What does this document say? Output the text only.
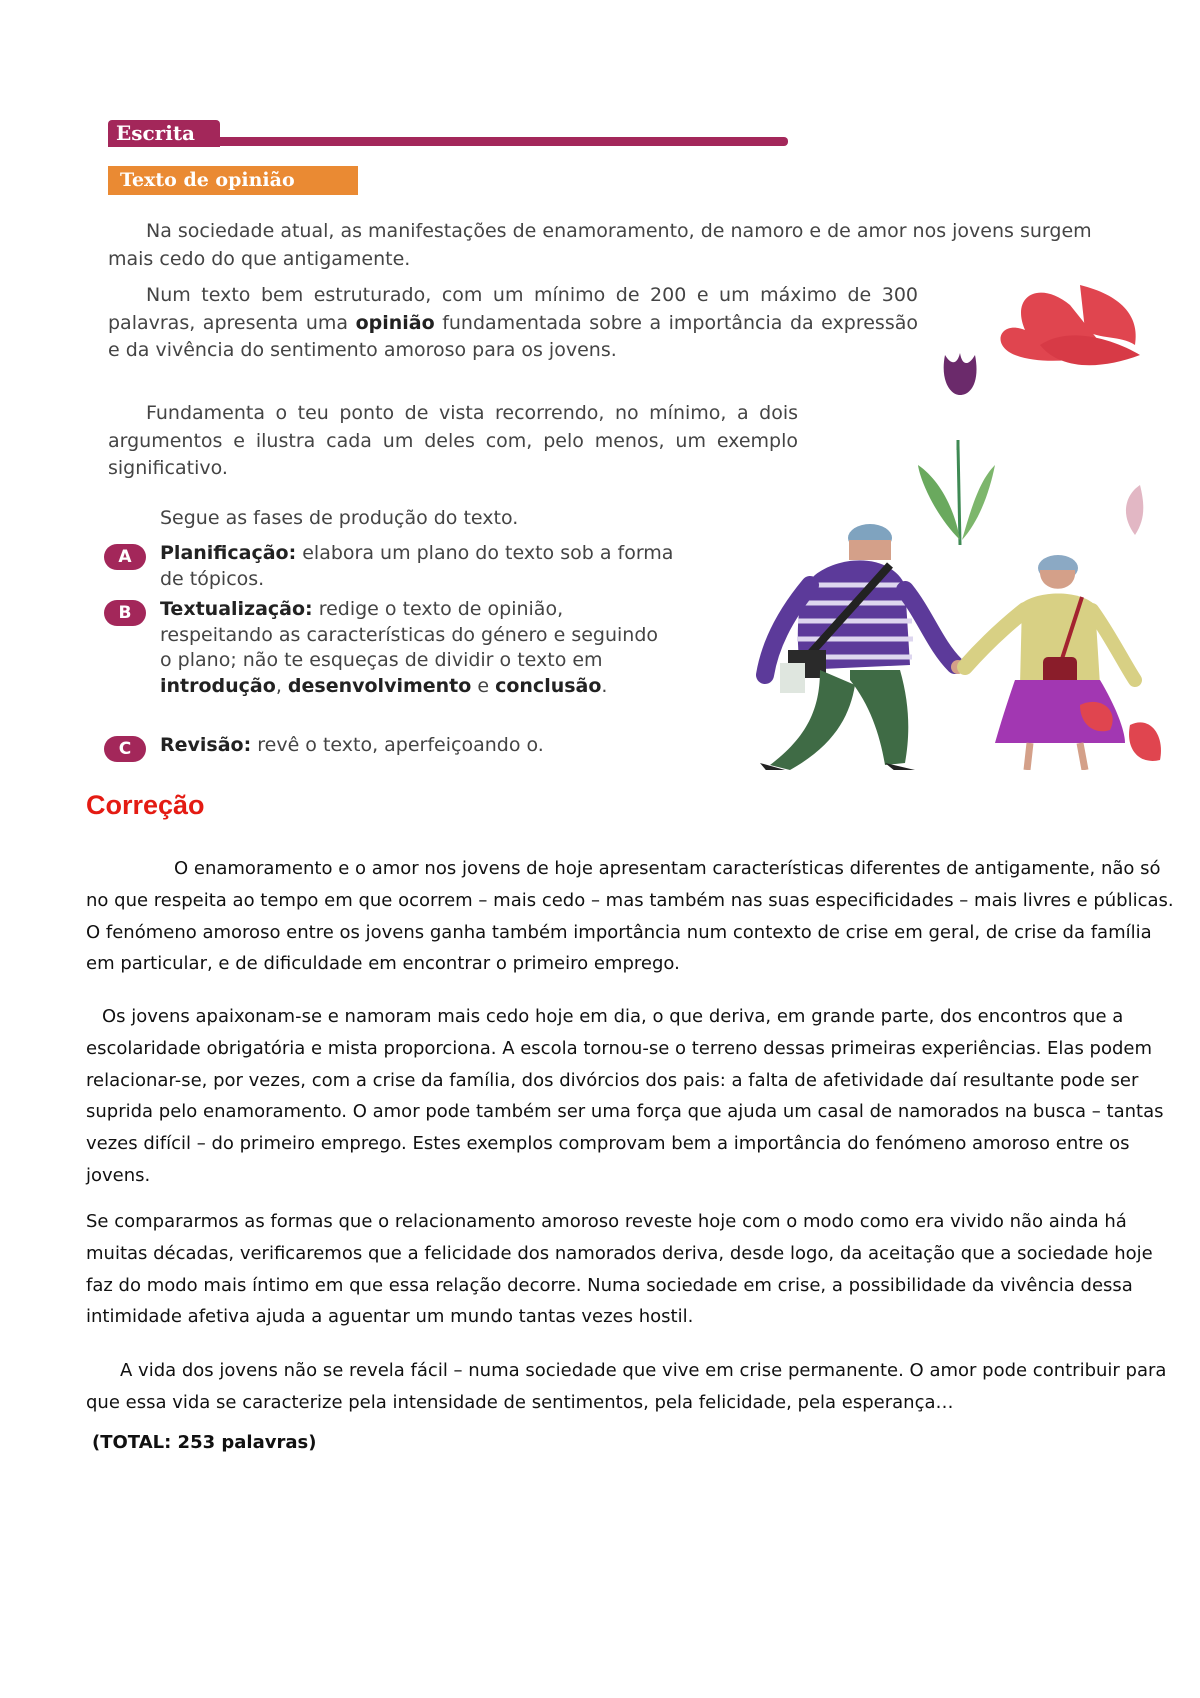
Escrita
Texto de opinião
Na sociedade atual, as manifestações de enamoramento, de namoro e de amor nos jovens surgem mais cedo do que antigamente.
Num texto bem estruturado, com um mínimo de 200 e um máximo de 300 palavras, apresenta uma opinião fundamentada sobre a importância da expressão e da vivência do sentimento amoroso para os jovens.
Fundamenta o teu ponto de vista recorrendo, no mínimo, a dois argumentos e ilustra cada um deles com, pelo menos, um exemplo significativo.
Segue as fases de produção do texto.
A	Planificação: elabora um plano do texto sob a forma de tópicos.
B	Textualização: redige o texto de opinião, respeitando as características do género e seguindo o plano; não te esqueças de dividir o texto em introdução, desenvolvimento e conclusão.
C	Revisão: revê o texto, aperfeiçoando o.
Correção
O enamoramento e o amor nos jovens de hoje apresentam características diferentes de antigamente, não só no que respeita ao tempo em que ocorrem – mais cedo – mas também nas suas especificidades – mais livres e públicas. O fenómeno amoroso entre os jovens ganha também importância num contexto de crise em geral, de crise da família em particular, e de dificuldade em encontrar o primeiro emprego.
Os jovens apaixonam-se e namoram mais cedo hoje em dia, o que deriva, em grande parte, dos encontros que a escolaridade obrigatória e mista proporciona. A escola tornou-se o terreno dessas primeiras experiências. Elas podem relacionar-se, por vezes, com a crise da família, dos divórcios dos pais: a falta de afetividade daí resultante pode ser suprida pelo enamoramento. O amor pode também ser uma força que ajuda um casal de namorados na busca – tantas vezes difícil – do primeiro emprego. Estes exemplos comprovam bem a importância do fenómeno amoroso entre os jovens.
Se compararmos as formas que o relacionamento amoroso reveste hoje com o modo como era vivido não ainda há muitas décadas, verificaremos que a felicidade dos namorados deriva, desde logo, da aceitação que a sociedade hoje faz do modo mais íntimo em que essa relação decorre. Numa sociedade em crise, a possibilidade da vivência dessa intimidade afetiva ajuda a aguentar um mundo tantas vezes hostil.
A vida dos jovens não se revela fácil – numa sociedade que vive em crise permanente. O amor pode contribuir para que essa vida se caracterize pela intensidade de sentimentos, pela felicidade, pela esperança…
(TOTAL: 253 palavras)
